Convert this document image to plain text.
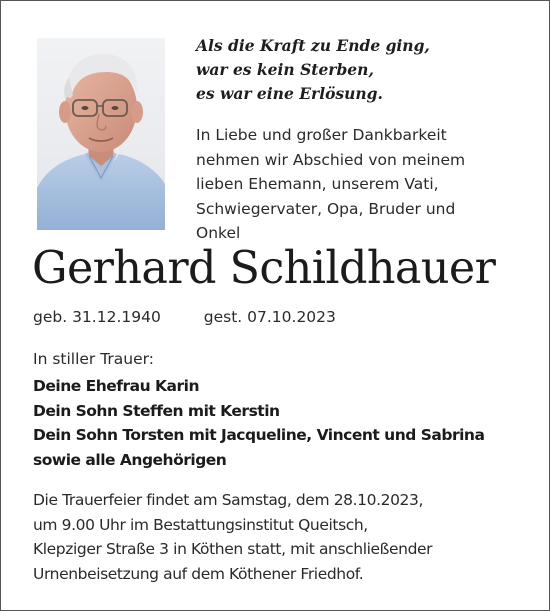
Als die Kraft zu Ende ging,
war es kein Sterben,
es war eine Erlösung.
In Liebe und großer Dankbarkeit
nehmen wir Abschied von meinem
lieben Ehemann, unserem Vati,
Schwiegervater, Opa, Bruder und
Onkel
Gerhard Schildhauer
geb. 31.12.1940	gest. 07.10.2023
In stiller Trauer:
Deine Ehefrau Karin
Dein Sohn Steffen mit Kerstin
Dein Sohn Torsten mit Jacqueline, Vincent und Sabrina
sowie alle Angehörigen
Die Trauerfeier findet am Samstag, dem 28.10.2023,
um 9.00 Uhr im Bestattungsinstitut Queitsch,
Klepziger Straße 3 in Köthen statt, mit anschließender
Urnenbeisetzung auf dem Köthener Friedhof.
